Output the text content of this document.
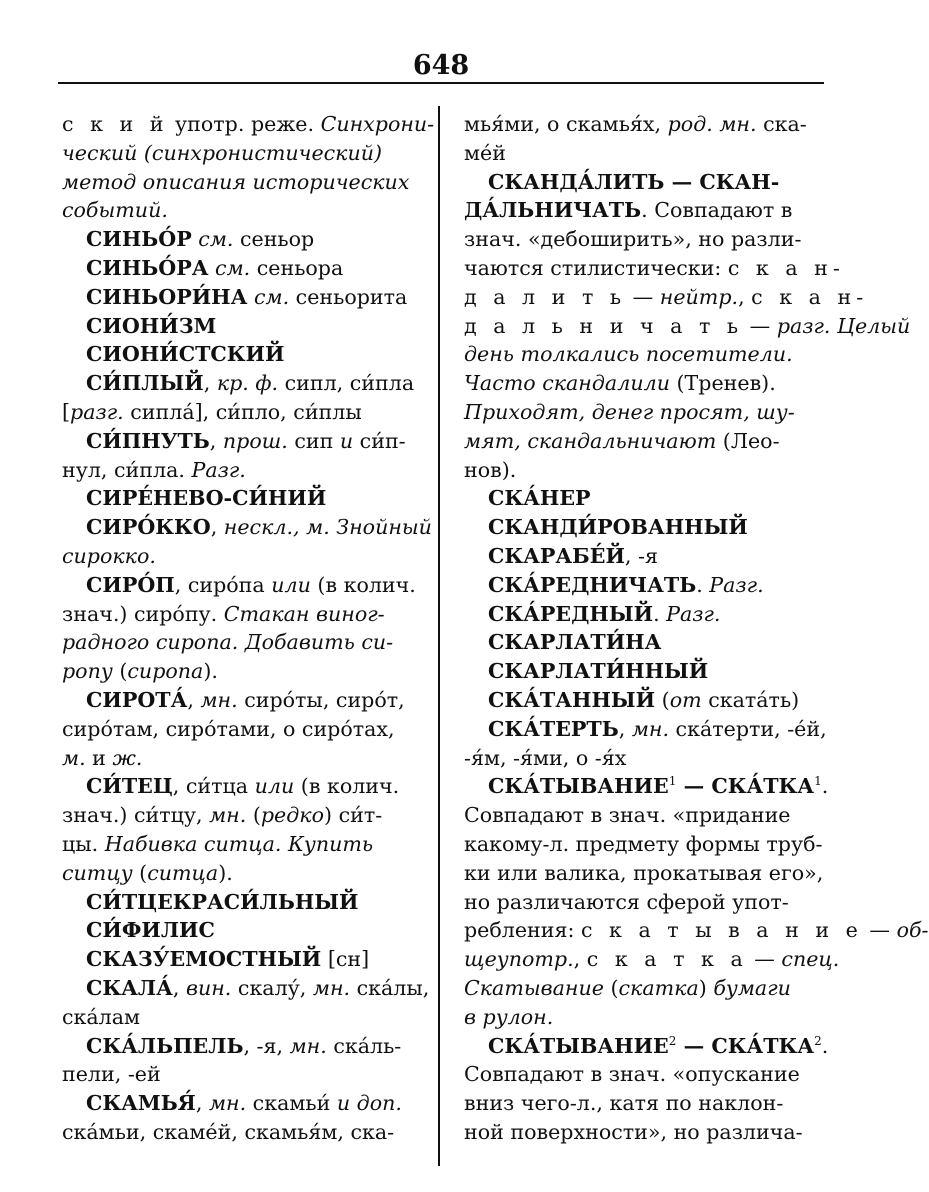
648
с к и й употр. реже. Синхрони-
ческий (синхронистический)
метод описания исторических
событий.
СИНЬО́Р см. сеньор
СИНЬО́РА см. сеньора
СИНЬОРИ́НА см. сеньорита
СИОНИ́ЗМ
СИОНИ́СТСКИЙ
СИ́ПЛЫЙ, кр. ф. сипл, си́пла
[разг. сипла́], си́пло, си́плы
СИ́ПНУТЬ, прош. сип и си́п-
нул, си́пла. Разг.
СИРЕ́НЕВО-СИ́НИЙ
СИРО́ККО, нескл., м. Знойный
сирокко.
СИРО́П, сиро́па или (в колич.
знач.) сиро́пу. Стакан виног-
радного сиропа. Добавить си-
ропу (сиропа).
СИРОТА́, мн. сиро́ты, сиро́т,
сиро́там, сиро́тами, о сиро́тах,
м. и ж.
СИ́ТЕЦ, си́тца или (в колич.
знач.) си́тцу, мн. (редко) си́т-
цы. Набивка ситца. Купить
ситцу (ситца).
СИ́ТЦЕКРАСИ́ЛЬНЫЙ
СИ́ФИЛИС
СКАЗУ́ЕМОСТНЫЙ [сн]
СКАЛА́, вин. скалу́, мн. ска́лы,
ска́лам
СКА́ЛЬПЕЛЬ, -я, мн. ска́ль-
пели, -ей
СКАМЬЯ́, мн. скамьи́ и доп.
ска́мьи, скаме́й, скамья́м, ска-
мья́ми, о скамья́х, род. мн. ска-
ме́й
СКАНДА́ЛИТЬ — СКАН-
ДА́ЛЬНИЧАТЬ. Совпадают в
знач. «дебоширить», но разли-
чаются стилистически: с к а н-
д а л и т ь — нейтр., с к а н-
д а л ь н и ч а т ь — разг. Целый
день толкались посетители.
Часто скандалили (Тренев).
Приходят, денег просят, шу-
мят, скандальничают (Лео-
нов).
СКА́НЕР
СКАНДИ́РОВАННЫЙ
СКАРАБЕ́Й, -я
СКА́РЕДНИЧАТЬ. Разг.
СКА́РЕДНЫЙ. Разг.
СКАРЛАТИ́НА
СКАРЛАТИ́ННЫЙ
СКА́ТАННЫЙ (от скатáть)
СКА́ТЕРТЬ, мн. ска́терти, -е́й,
-я́м, -я́ми, о -я́х
СКА́ТЫВАНИЕ$^1$ — СКА́ТКА$^1$.
Совпадают в знач. «придание
какому-л. предмету формы труб-
ки или валика, прокатывая его»,
но различаются сферой упот-
ребления: с к а т ы в а н и е — об-
щеупотр., с к а т к а — спец.
Скатывание (скатка) бумаги
в рулон.
СКА́ТЫВАНИЕ$^2$ — СКА́ТКА$^2$.
Совпадают в знач. «опускание
вниз чего-л., катя по наклон-
ной поверхности», но различа-
